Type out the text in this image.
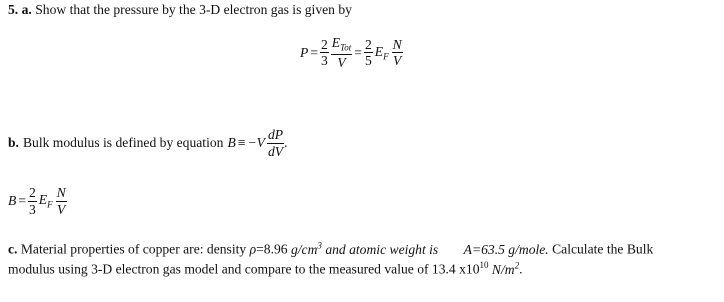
5. a. Show that the pressure by the 3-D electron gas is given by
$P = \frac{2}{3} \frac{E_{Tot}}{V} = \frac{2}{5} E_F \frac{N}{V}$
b. Bulk modulus is defined by equation $B \equiv -V \frac{dP}{dV}$ .
$B = \frac{2}{3} E_F \frac{N}{V}$
c. Material properties of copper are: density ρ=8.96 $g/cm^3$ and atomic weight is A=63.5 g/mole. Calculate the Bulk
modulus using 3-D electron gas model and compare to the measured value of 13.4 $x10^{10}$ $N/m^2$.
